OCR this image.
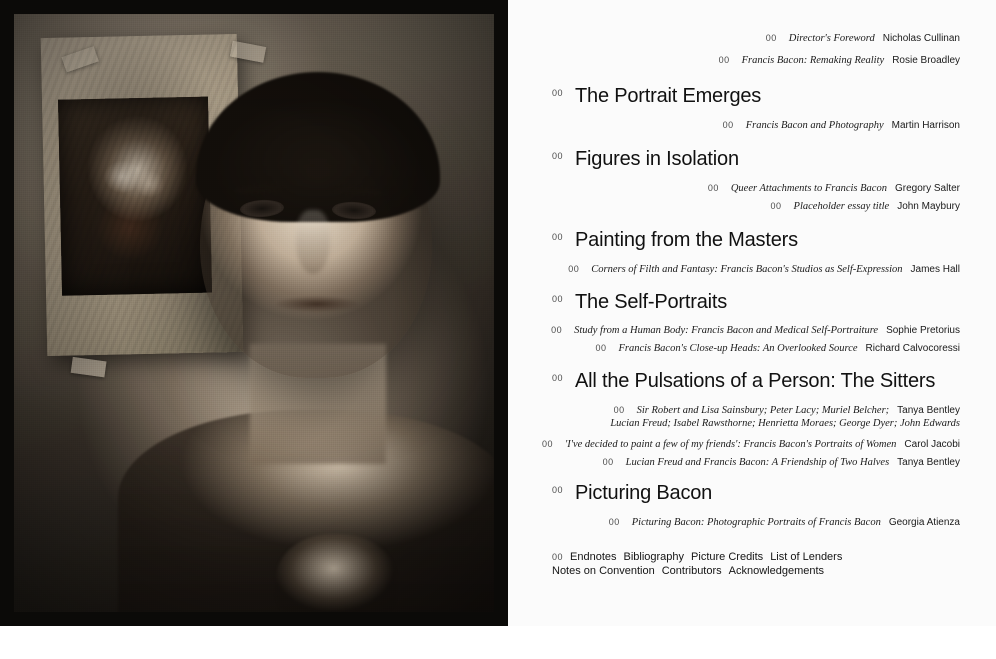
00 Director's Foreword Nicholas Cullinan
00 Francis Bacon: Remaking Reality Rosie Broadley
00 The Portrait Emerges
00 Francis Bacon and Photography Martin Harrison
00 Figures in Isolation
00 Queer Attachments to Francis Bacon Gregory Salter
00 Placeholder essay title John Maybury
00 Painting from the Masters
00 Corners of Filth and Fantasy: Francis Bacon's Studios as Self-Expression James Hall
00 The Self-Portraits
00 Study from a Human Body: Francis Bacon and Medical Self-Portraiture Sophie Pretorius
00 Francis Bacon's Close-up Heads: An Overlooked Source Richard Calvocoressi
00 All the Pulsations of a Person: The Sitters
00 Sir Robert and Lisa Sainsbury; Peter Lacy; Muriel Belcher; Tanya Bentley
Lucian Freud; Isabel Rawsthorne; Henrietta Moraes; George Dyer; John Edwards
00 'I've decided to paint a few of my friends': Francis Bacon's Portraits of Women Carol Jacobi
00 Lucian Freud and Francis Bacon: A Friendship of Two Halves Tanya Bentley
00 Picturing Bacon
00 Picturing Bacon: Photographic Portraits of Francis Bacon Georgia Atienza
00 Endnotes Bibliography Picture Credits List of Lenders
Notes on Convention Contributors Acknowledgements
